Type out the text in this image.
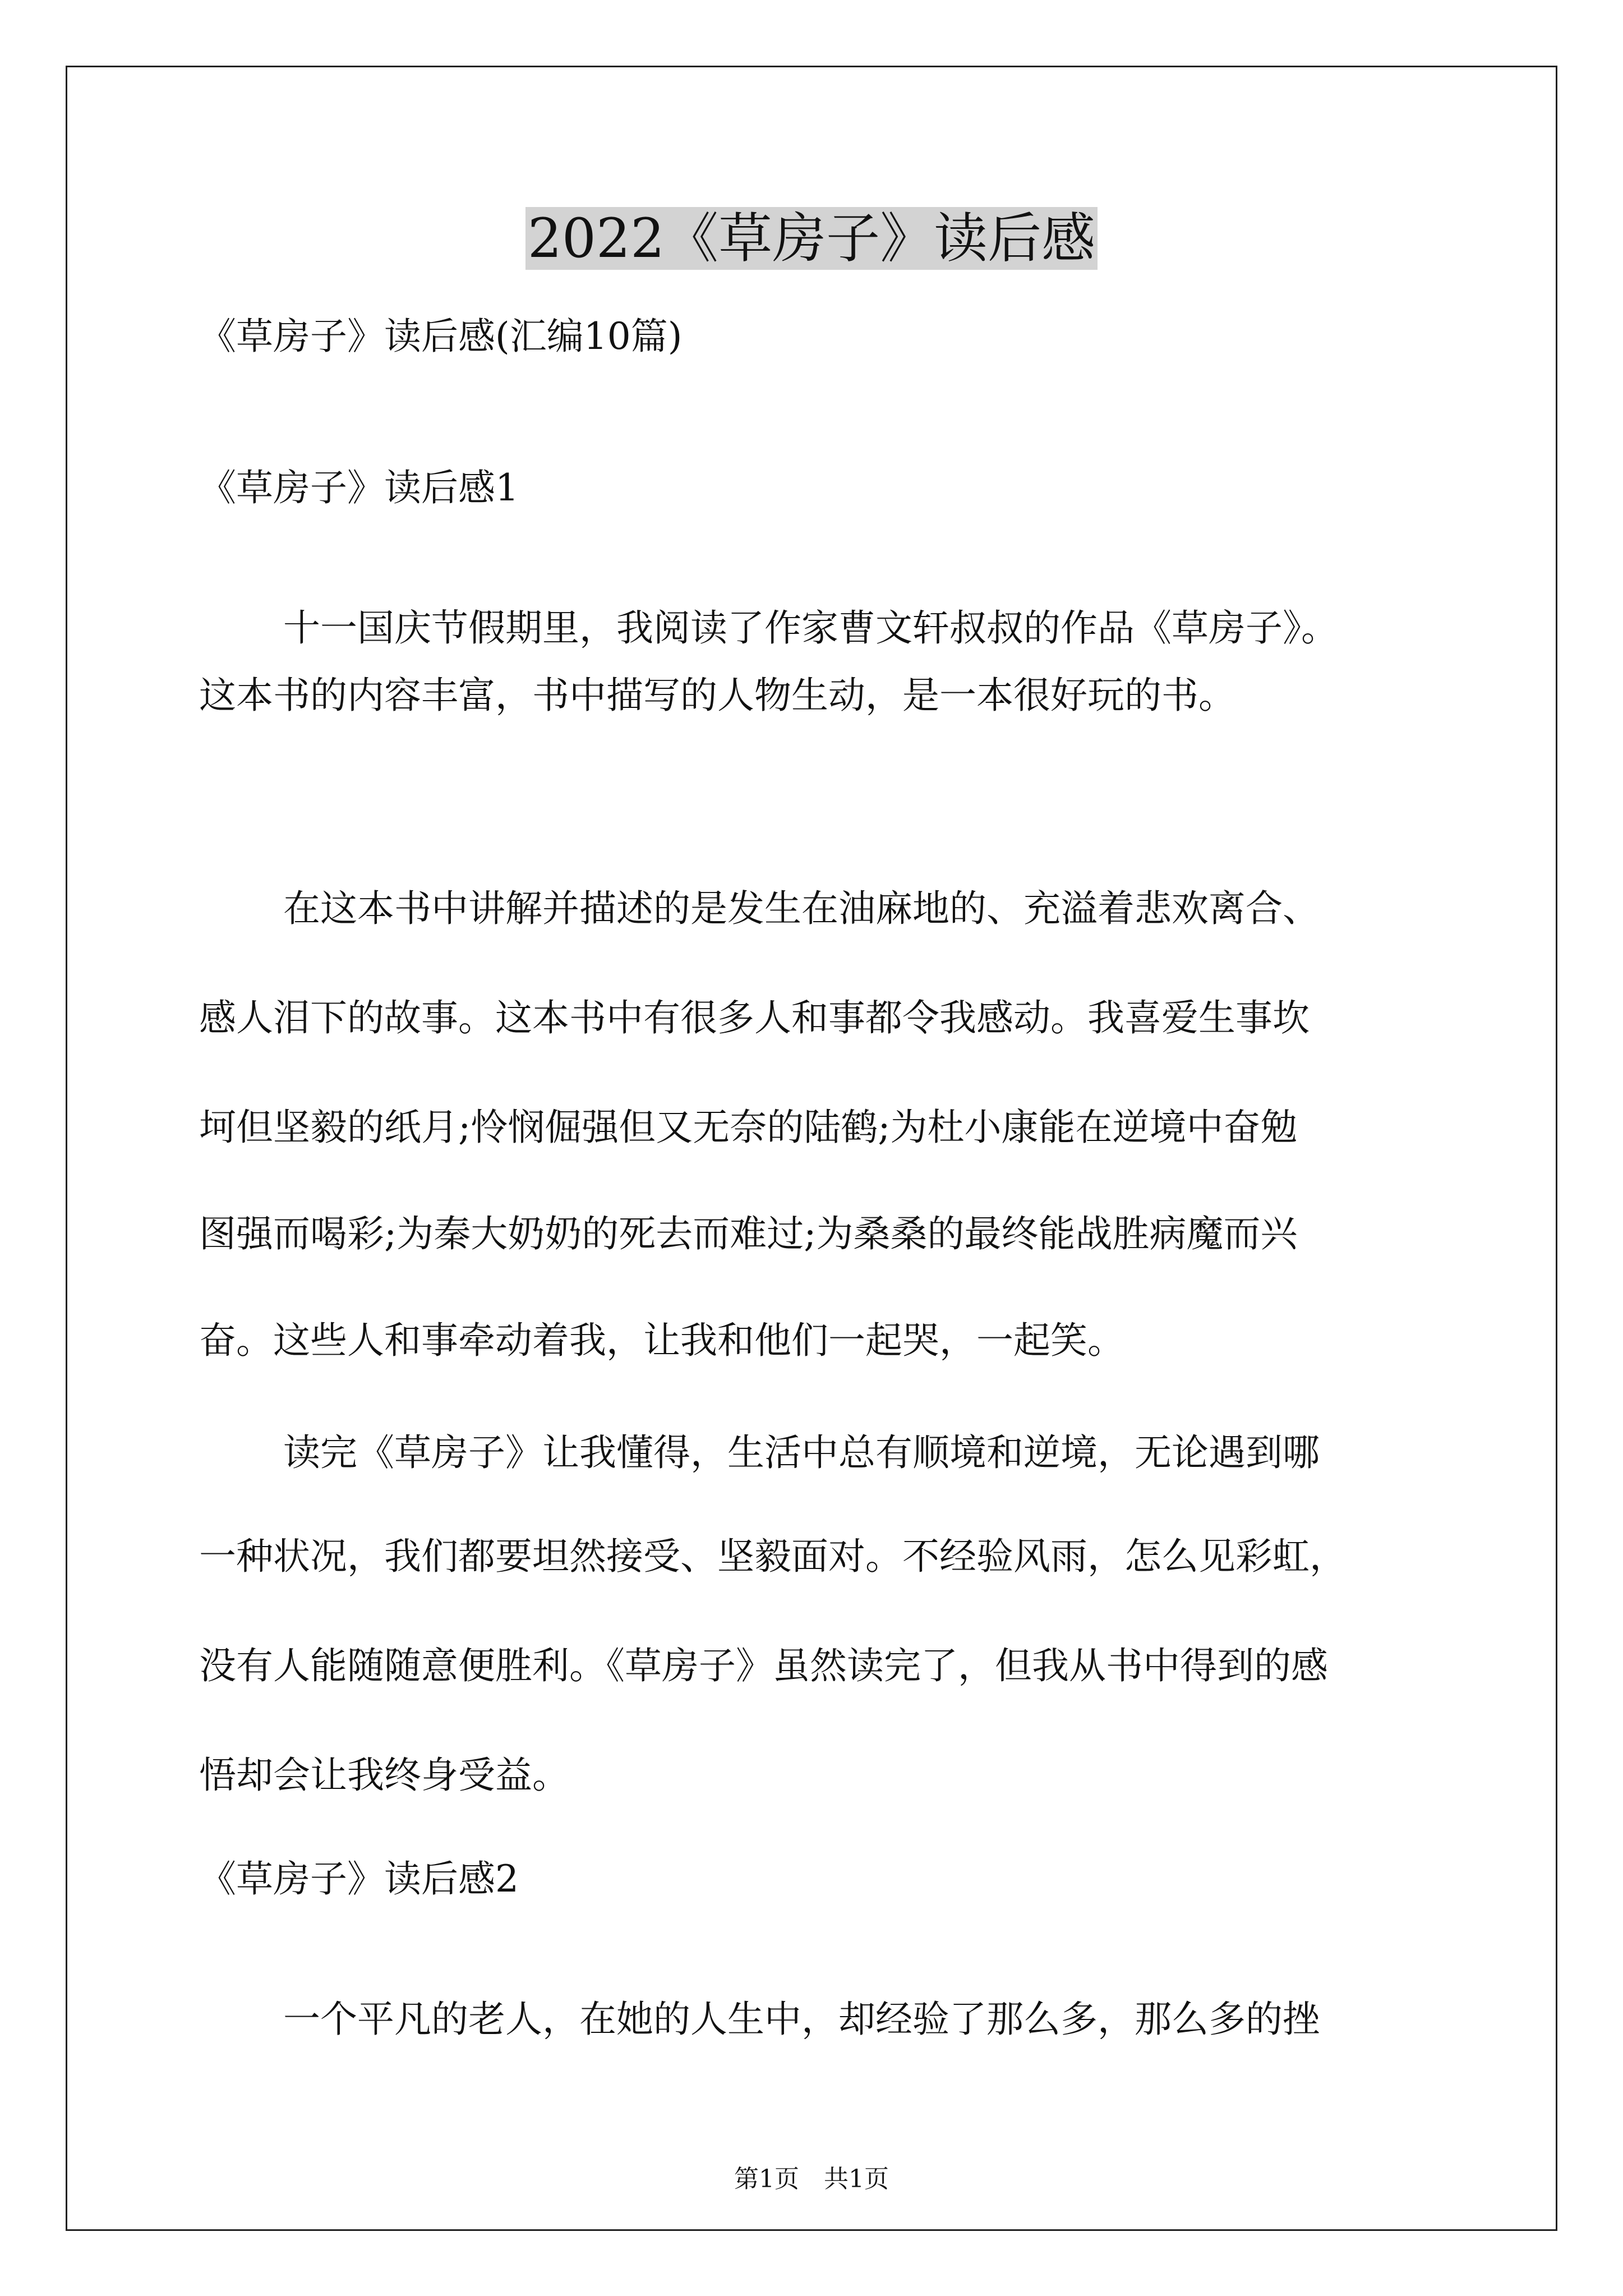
2022《草房子》读后感
《草房子》读后感(汇编10篇)
《草房子》读后感1
十一国庆节假期里，我阅读了作家曹文轩叔叔的作品《草房子》。
这本书的内容丰富，书中描写的人物生动，是一本很好玩的书。
在这本书中讲解并描述的是发生在油麻地的、充溢着悲欢离合、
感人泪下的故事。这本书中有很多人和事都令我感动。我喜爱生事坎
坷但坚毅的纸月;怜悯倔强但又无奈的陆鹤;为杜小康能在逆境中奋勉
图强而喝彩;为秦大奶奶的死去而难过;为桑桑的最终能战胜病魔而兴
奋。这些人和事牵动着我，让我和他们一起哭，一起笑。
读完《草房子》让我懂得，生活中总有顺境和逆境，无论遇到哪
一种状况，我们都要坦然接受、坚毅面对。不经验风雨，怎么见彩虹，
没有人能随随意便胜利。《草房子》虽然读完了，但我从书中得到的感
悟却会让我终身受益。
《草房子》读后感2
一个平凡的老人，在她的人生中，却经验了那么多，那么多的挫
第1页　共1页
